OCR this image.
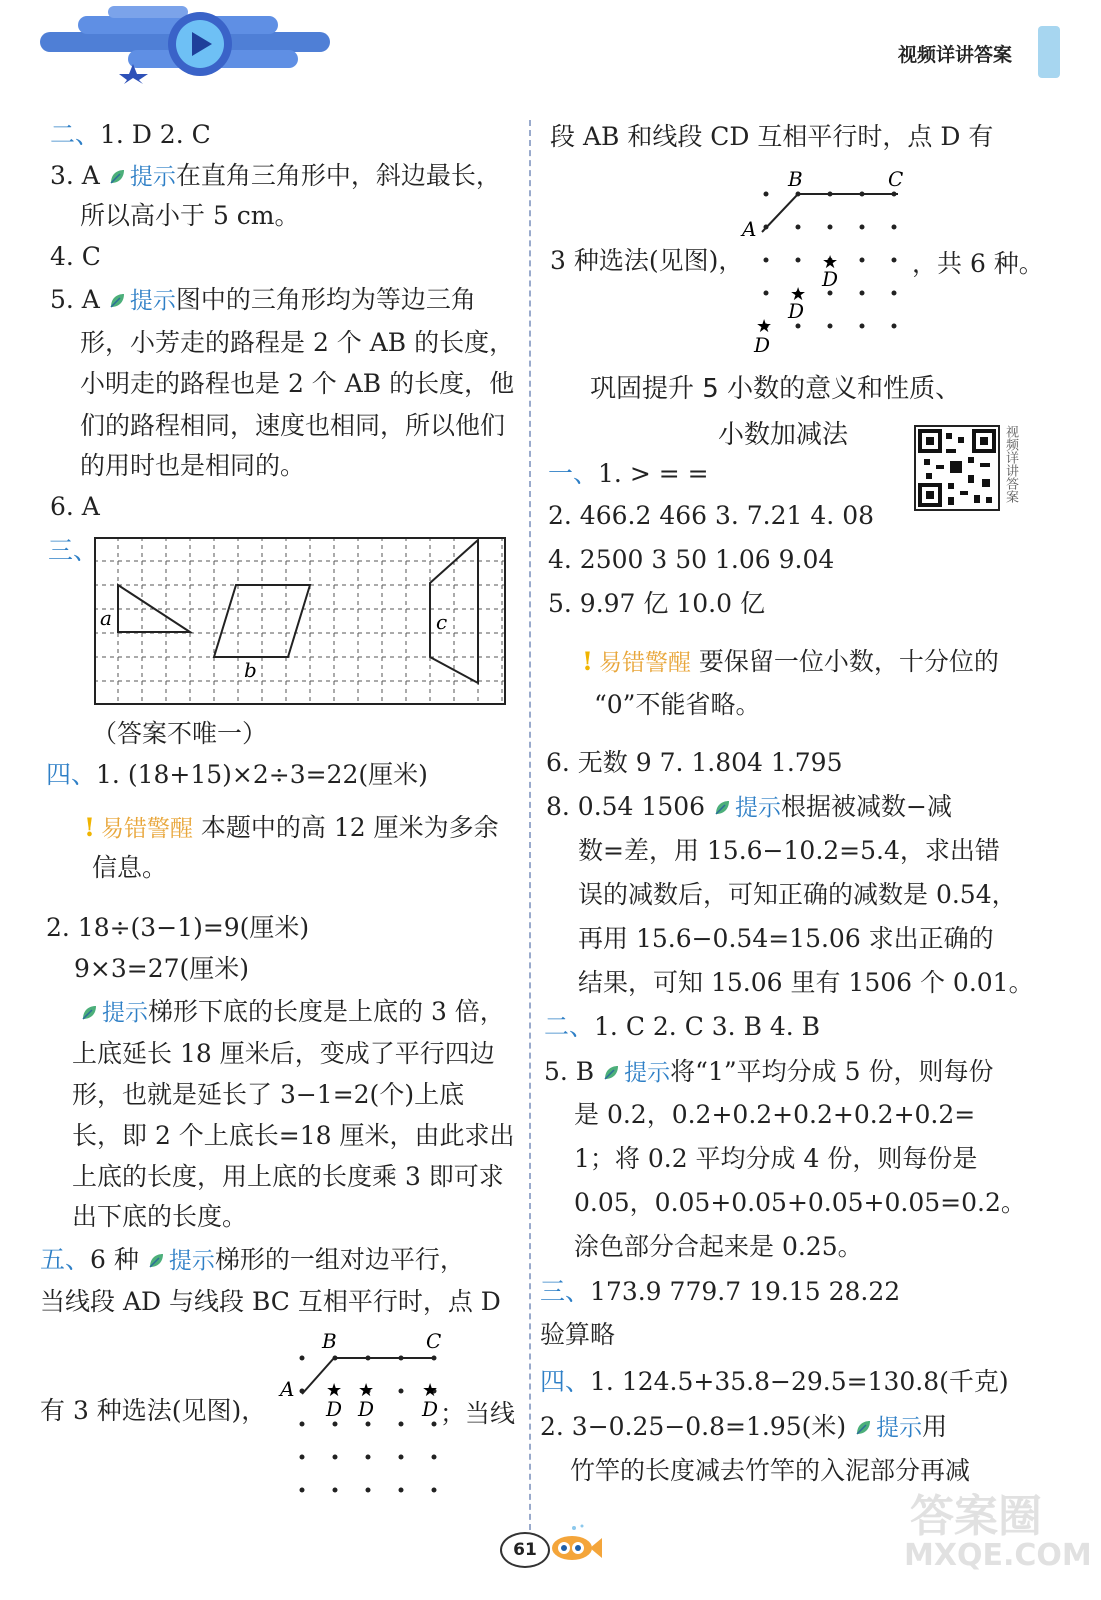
视频详讲答案
二、1. D 2. C
3. A 提示在直角三角形中，斜边最长，
所以高小于 5 cm。
4. C
5. A 提示图中的三角形均为等边三角
形，小芳走的路程是 2 个 AB 的长度，
小明走的路程也是 2 个 AB 的长度，他
们的路程相同，速度也相同，所以他们
的用时也是相同的。
6. A
三、
（答案不唯一）
四、1. (18+15)×2÷3=22(厘米)
! 易错警醒 本题中的高 12 厘米为多余
信息。
2. 18÷(3−1)=9(厘米)
9×3=27(厘米)
提示梯形下底的长度是上底的 3 倍，
上底延长 18 厘米后，变成了平行四边
形，也就是延长了 3−1=2(个)上底
长，即 2 个上底长=18 厘米，由此求出
上底的长度，用上底的长度乘 3 即可求
出下底的长度。
五、6 种 提示梯形的一组对边平行，
当线段 AD 与线段 BC 互相平行时，点 D
有 3 种选法(见图)，	；当线
段 AB 和线段 CD 互相平行时，点 D 有
3 种选法(见图)，	，共 6 种。
一、1. > = =
2. 466.2 466 3. 7.21 4. 08
4. 2500 3 50 1.06 9.04
5. 9.97 亿 10.0 亿
! 易错警醒 要保留一位小数，十分位的
“0”不能省略。
6. 无数 9 7. 1.804 1.795
8. 0.54 1506 提示根据被减数−减
数=差，用 15.6−10.2=5.4，求出错
误的减数后，可知正确的减数是 0.54，
再用 15.6−0.54=15.06 求出正确的
结果，可知 15.06 里有 1506 个 0.01。
二、1. C 2. C 3. B 4. B
5. B 提示将“1”平均分成 5 份，则每份
是 0.2，0.2+0.2+0.2+0.2+0.2=
1；将 0.2 平均分成 4 份，则每份是
0.05，0.05+0.05+0.05+0.05=0.2。
涂色部分合起来是 0.25。
三、173.9 779.7 19.15 28.22
验算略
四、1. 124.5+35.8−29.5=130.8(千克)
2. 3−0.25−0.8=1.95(米) 提示用
竹竿的长度减去竹竿的入泥部分再减
巩固提升 5 小数的意义和性质、
小数加减法	视频详讲答案
a
b
c
B	C
A
★
D
★
D
★
D
B	C
A ★
D
★
D
★
D
61
答案圈
MXQE.COM
